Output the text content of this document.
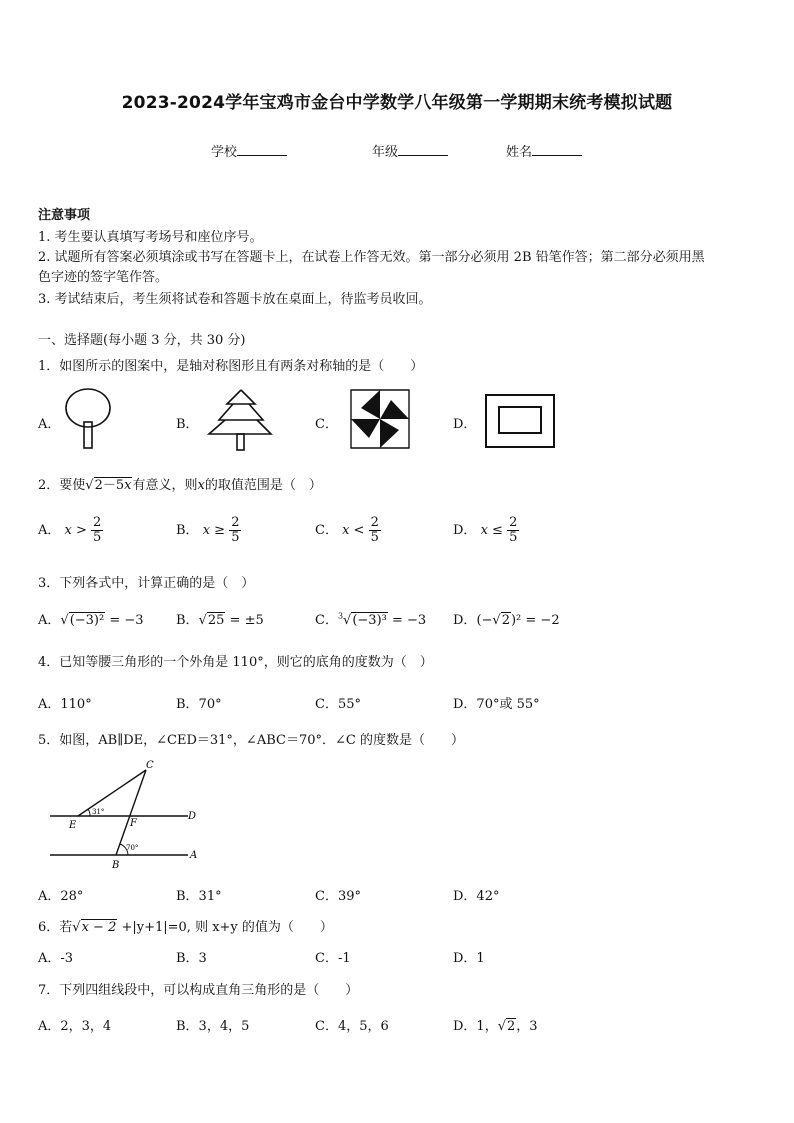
2023-2024学年宝鸡市金台中学数学八年级第一学期期末统考模拟试题
学校	年级	姓名
注意事项
1. 考生要认真填写考场号和座位序号。
2. 试题所有答案必须填涂或书写在答题卡上，在试卷上作答无效。第一部分必须用 2B 铅笔作答；第二部分必须用黑
色字迹的签字笔作答。
3. 考试结束后，考生须将试卷和答题卡放在桌面上，待监考员收回。
一、选择题(每小题 3 分，共 30 分)
1．如图所示的图案中，是轴对称图形且有两条对称轴的是（　　）
A．	B．	C．	D．
2．要使√2－5x有意义，则x的取值范围是（　）
A． $x > \frac{2}{5}$	B． $x \ge \frac{2}{5}$	C． $x < \frac{2}{5}$	D． $x \le \frac{2}{5}$
3．下列各式中，计算正确的是（　）
A．√(−3)² = −3 B．√25 = ±5	C．$^3$√(−3)³ = −3 D．(−√2)² = −2
4．已知等腰三角形的一个外角是 110°，则它的底角的度数为（　）
A．110°	B．70°	C．55°	D．70°或 55°
5．如图，AB∥DE，∠CED＝31°，∠ABC＝70°．∠C 的度数是（　　）
C
E	F
D
B
A
31°
70°
A．28°	B．31°	C．39°	D．42°
6．若√x − 2 +|y+1|=0, 则 x+y 的值为（　　）
A．-3	B．3	C．-1	D．1
7．下列四组线段中，可以构成直角三角形的是（　　）
A．2，3，4	B．3，4，5	C．4，5，6	D．1，√2，3
